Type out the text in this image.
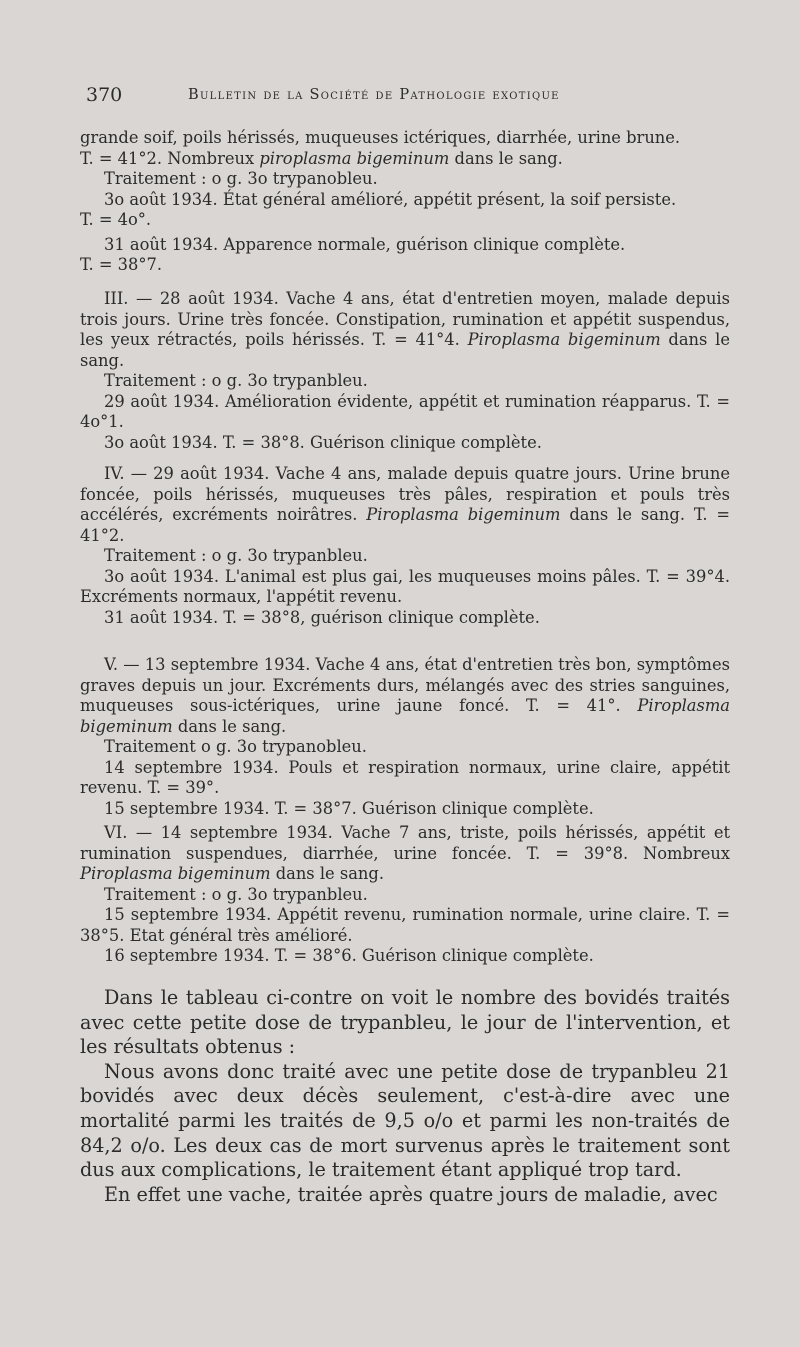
370	Bulletin de la Société de Pathologie exotique

grande soif, poils hérissés, muqueuses ictériques, diarrhée, urine brune.

T. = 41°2. Nombreux piroplasma bigeminum dans le sang.

Traitement : o g. 3o trypanobleu.

3o août 1934. État général amélioré, appétit présent, la soif persiste.

T. = 4o°.

31 août 1934. Apparence normale, guérison clinique complète.

T. = 38°7.

III. — 28 août 1934. Vache 4 ans, état d'entretien moyen, malade depuis trois jours. Urine très foncée. Constipation, rumination et appétit suspendus, les yeux rétractés, poils hérissés. T. = 41°4. Piroplasma bigeminum dans le sang.

Traitement : o g. 3o trypanbleu.

29 août 1934. Amélioration évidente, appétit et rumination réapparus. T. = 4o°1.

3o août 1934. T. = 38°8. Guérison clinique complète.

IV. — 29 août 1934. Vache 4 ans, malade depuis quatre jours. Urine brune foncée, poils hérissés, muqueuses très pâles, respiration et pouls très accélérés, excréments noirâtres. Piroplasma bigeminum dans le sang. T. = 41°2.

Traitement : o g. 3o trypanbleu.

3o août 1934. L'animal est plus gai, les muqueuses moins pâles. T. = 39°4. Excréments normaux, l'appétit revenu.

31 août 1934. T. = 38°8, guérison clinique complète.

V. — 13 septembre 1934. Vache 4 ans, état d'entretien très bon, symptômes graves depuis un jour. Excréments durs, mélangés avec des stries sanguines, muqueuses sous-ictériques, urine jaune foncé. T. = 41°. Piroplasma bigeminum dans le sang.

Traitement o g. 3o trypanobleu.

14 septembre 1934. Pouls et respiration normaux, urine claire, appétit revenu. T. = 39°.

15 septembre 1934. T. = 38°7. Guérison clinique complète.

VI. — 14 septembre 1934. Vache 7 ans, triste, poils hérissés, appétit et rumination suspendues, diarrhée, urine foncée. T. = 39°8. Nombreux Piroplasma bigeminum dans le sang.

Traitement : o g. 3o trypanbleu.

15 septembre 1934. Appétit revenu, rumination normale, urine claire. T. = 38°5. Etat général très amélioré.

16 septembre 1934. T. = 38°6. Guérison clinique complète.

Dans le tableau ci-contre on voit le nombre des bovidés traités avec cette petite dose de trypanbleu, le jour de l'intervention, et les résultats obtenus :

Nous avons donc traité avec une petite dose de trypanbleu 21 bovidés avec deux décès seulement, c'est-à-dire avec une mortalité parmi les traités de 9,5 o/o et parmi les non-traités de 84,2 o/o. Les deux cas de mort survenus après le traitement sont dus aux complications, le traitement étant appliqué trop tard.

En effet une vache, traitée après quatre jours de maladie, avec
